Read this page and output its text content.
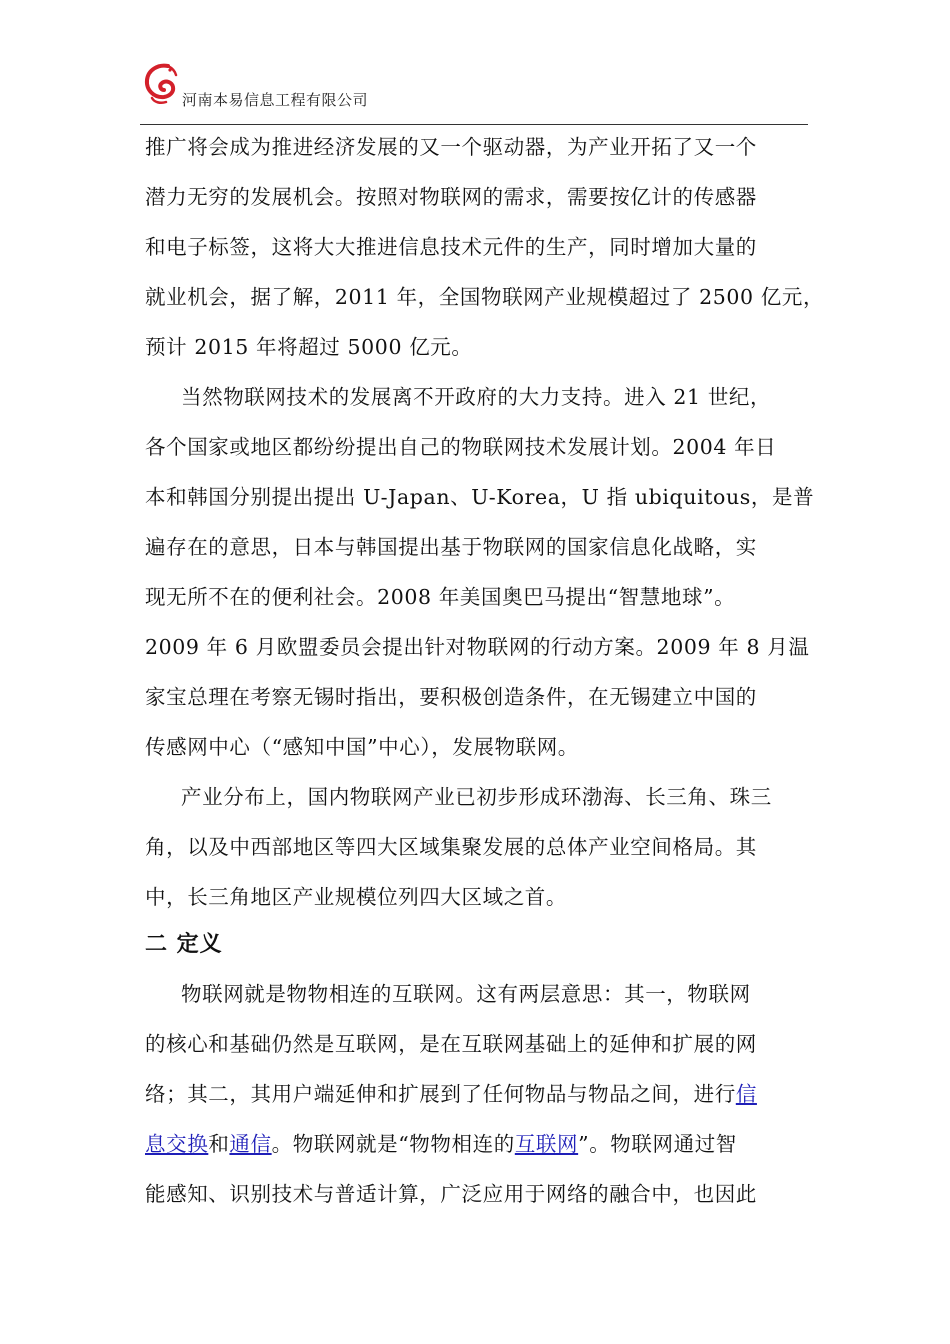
河南本易信息工程有限公司
推广将会成为推进经济发展的又一个驱动器，为产业开拓了又一个
潜力无穷的发展机会。按照对物联网的需求，需要按亿计的传感器
和电子标签，这将大大推进信息技术元件的生产，同时增加大量的
就业机会，据了解，2011 年，全国物联网产业规模超过了 2500 亿元，
预计 2015 年将超过 5000 亿元。
当然物联网技术的发展离不开政府的大力支持。进入 21 世纪，
各个国家或地区都纷纷提出自己的物联网技术发展计划。2004 年日
本和韩国分别提出提出 U-Japan、U-Korea，U 指 ubiquitous，是普
遍存在的意思，日本与韩国提出基于物联网的国家信息化战略，实
现无所不在的便利社会。2008 年美国奥巴马提出“智慧地球”。
2009 年 6 月欧盟委员会提出针对物联网的行动方案。2009 年 8 月温
家宝总理在考察无锡时指出，要积极创造条件，在无锡建立中国的
传感网中心（“感知中国”中心），发展物联网。
产业分布上，国内物联网产业已初步形成环渤海、长三角、珠三
角，以及中西部地区等四大区域集聚发展的总体产业空间格局。其
中，长三角地区产业规模位列四大区域之首。
二 定义
物联网就是物物相连的互联网。这有两层意思：其一，物联网
的核心和基础仍然是互联网，是在互联网基础上的延伸和扩展的网
络；其二，其用户端延伸和扩展到了任何物品与物品之间，进行信
息交换和通信。物联网就是“物物相连的互联网”。物联网通过智
能感知、识别技术与普适计算，广泛应用于网络的融合中，也因此
